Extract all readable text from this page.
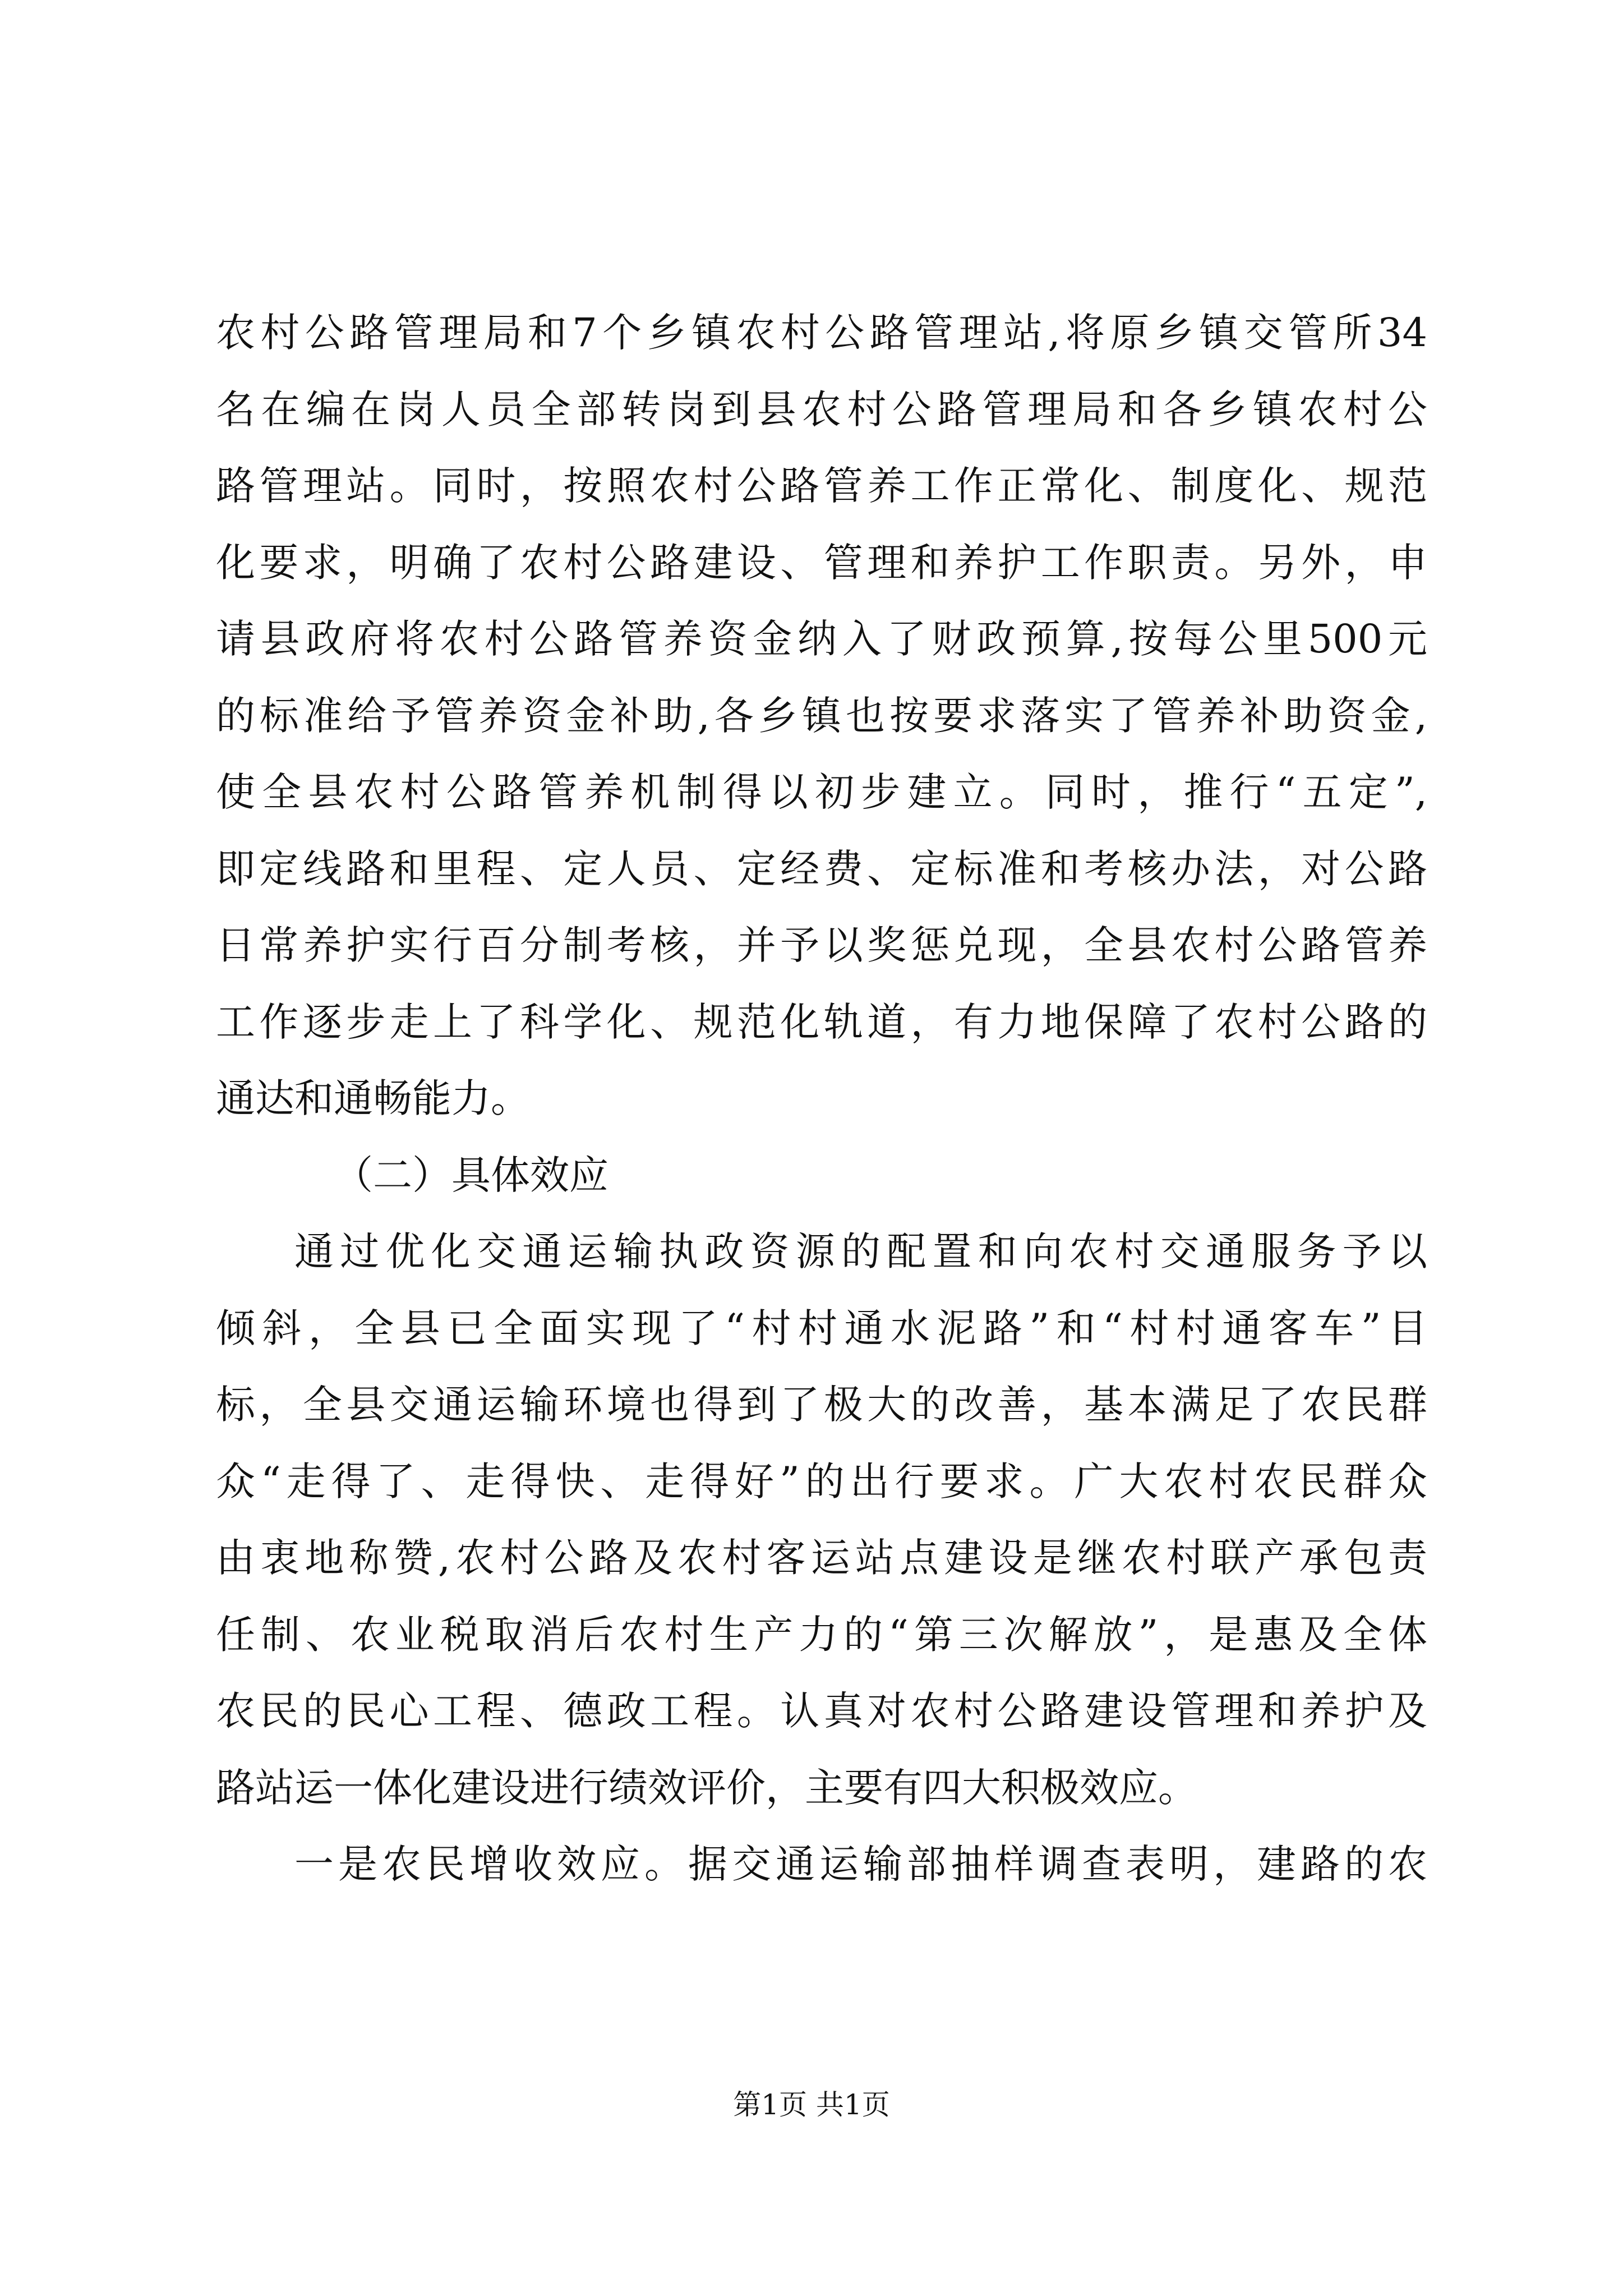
农村公路管理局和7个乡镇农村公路管理站,将原乡镇交管所34
名在编在岗人员全部转岗到县农村公路管理局和各乡镇农村公
路管理站。同时，按照农村公路管养工作正常化、制度化、规范
化要求，明确了农村公路建设、管理和养护工作职责。另外，申
请县政府将农村公路管养资金纳入了财政预算,按每公里500元
的标准给予管养资金补助,各乡镇也按要求落实了管养补助资金,
使全县农村公路管养机制得以初步建立。同时，推行“五定”,
即定线路和里程、定人员、定经费、定标准和考核办法，对公路
日常养护实行百分制考核，并予以奖惩兑现，全县农村公路管养
工作逐步走上了科学化、规范化轨道，有力地保障了农村公路的
通达和通畅能力。
（二）具体效应
通过优化交通运输执政资源的配置和向农村交通服务予以
倾斜，全县已全面实现了“村村通水泥路”和“村村通客车”目
标，全县交通运输环境也得到了极大的改善，基本满足了农民群
众“走得了、走得快、走得好”的出行要求。广大农村农民群众
由衷地称赞,农村公路及农村客运站点建设是继农村联产承包责
任制、农业税取消后农村生产力的“第三次解放”，是惠及全体
农民的民心工程、德政工程。认真对农村公路建设管理和养护及
路站运一体化建设进行绩效评价，主要有四大积极效应。
一是农民增收效应。据交通运输部抽样调查表明，建路的农
第1页 共1页
